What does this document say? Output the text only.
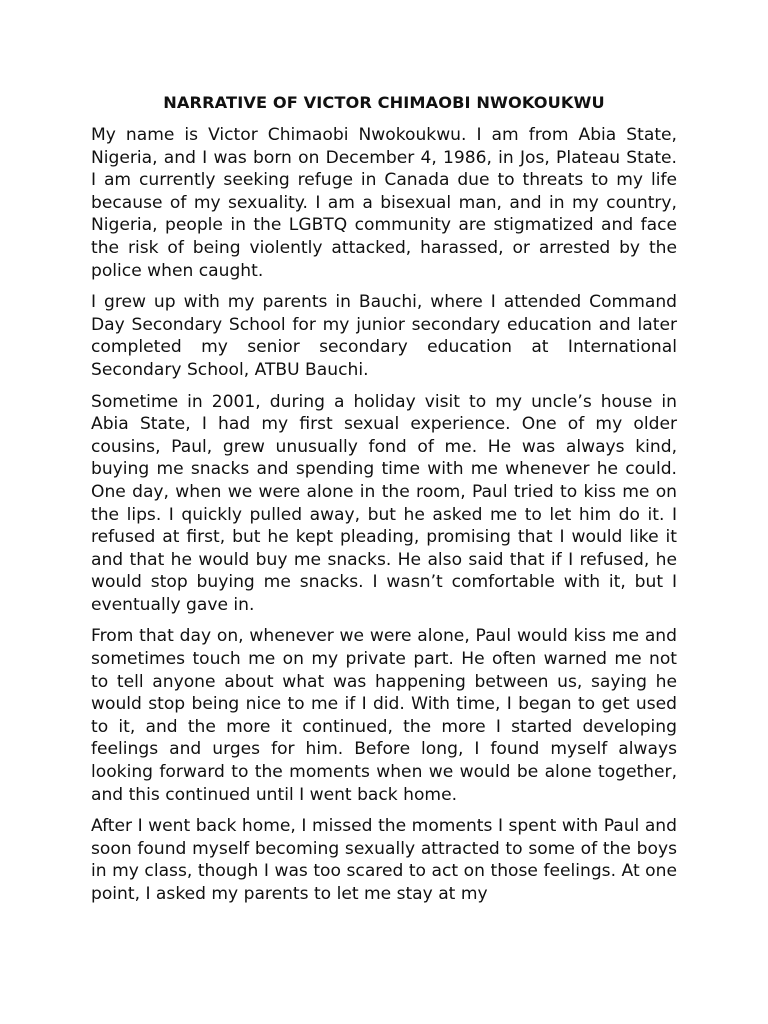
NARRATIVE OF VICTOR CHIMAOBI NWOKOUKWU

My name is Victor Chimaobi Nwokoukwu. I am from Abia State, Nigeria, and I was born on December 4, 1986, in Jos, Plateau State. I am currently seeking refuge in Canada due to threats to my life because of my sexuality. I am a bisexual man, and in my country, Nigeria, people in the LGBTQ community are stigmatized and face the risk of being violently attacked, harassed, or arrested by the police when caught.

I grew up with my parents in Bauchi, where I attended Command Day Secondary School for my junior secondary education and later completed my senior secondary education at International Secondary School, ATBU Bauchi.

Sometime in 2001, during a holiday visit to my uncle’s house in Abia State, I had my first sexual experience. One of my older cousins, Paul, grew unusually fond of me. He was always kind, buying me snacks and spending time with me whenever he could. One day, when we were alone in the room, Paul tried to kiss me on the lips. I quickly pulled away, but he asked me to let him do it. I refused at first, but he kept pleading, promising that I would like it and that he would buy me snacks. He also said that if I refused, he would stop buying me snacks. I wasn’t comfortable with it, but I eventually gave in.

From that day on, whenever we were alone, Paul would kiss me and sometimes touch me on my private part. He often warned me not to tell anyone about what was happening between us, saying he would stop being nice to me if I did. With time, I began to get used to it, and the more it continued, the more I started developing feelings and urges for him. Before long, I found myself always looking forward to the moments when we would be alone together, and this continued until I went back home.

After I went back home, I missed the moments I spent with Paul and soon found myself becoming sexually attracted to some of the boys in my class, though I was too scared to act on those feelings. At one point, I asked my parents to let me stay at my
